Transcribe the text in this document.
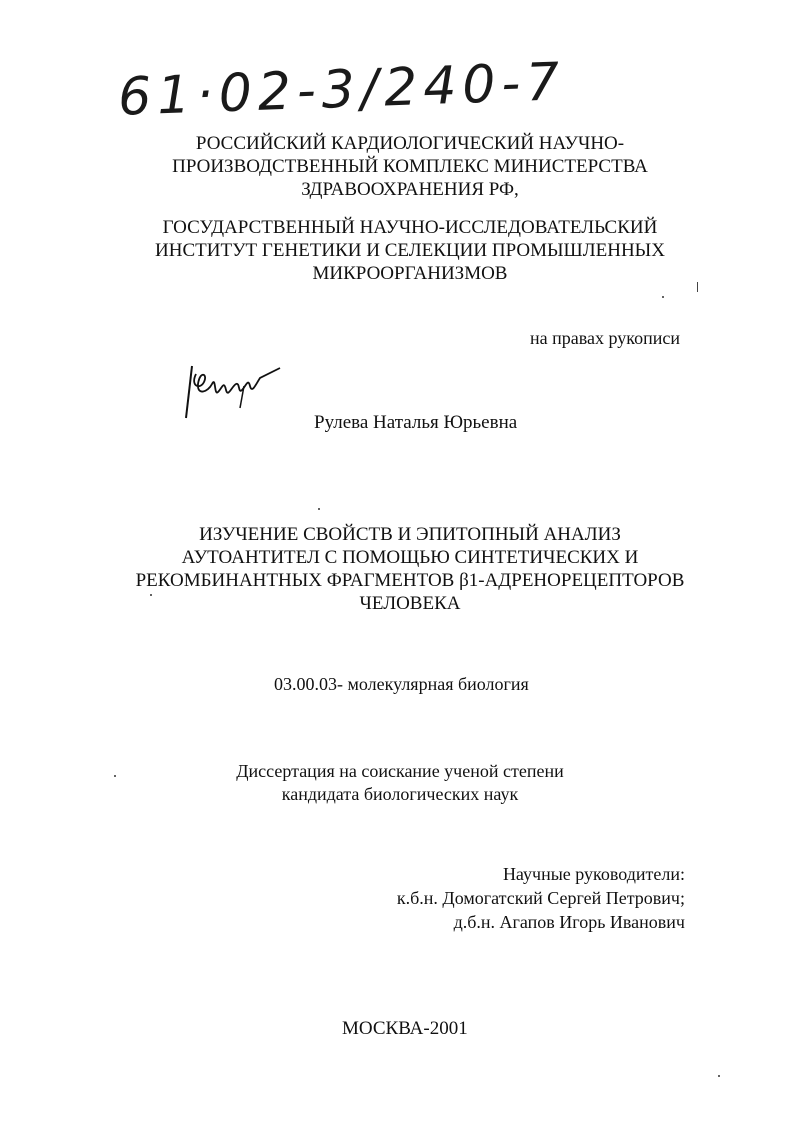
61·02-3/240-7
РОССИЙСКИЙ КАРДИОЛОГИЧЕСКИЙ НАУЧНО-
ПРОИЗВОДСТВЕННЫЙ КОМПЛЕКС МИНИСТЕРСТВА
ЗДРАВООХРАНЕНИЯ РФ,
ГОСУДАРСТВЕННЫЙ НАУЧНО-ИССЛЕДОВАТЕЛЬСКИЙ
ИНСТИТУТ ГЕНЕТИКИ И СЕЛЕКЦИИ ПРОМЫШЛЕННЫХ
МИКРООРГАНИЗМОВ
на правах рукописи
Рулева Наталья Юрьевна
ИЗУЧЕНИЕ СВОЙСТВ И ЭПИТОПНЫЙ АНАЛИЗ
АУТОАНТИТЕЛ С ПОМОЩЬЮ СИНТЕТИЧЕСКИХ И
РЕКОМБИНАНТНЫХ ФРАГМЕНТОВ β1-АДРЕНОРЕЦЕПТОРОВ
ЧЕЛОВЕКА
03.00.03- молекулярная биология
Диссертация на соискание ученой степени
кандидата биологических наук
Научные руководители:
к.б.н. Домогатский Сергей Петрович;
д.б.н. Агапов Игорь Иванович
МОСКВА-2001
